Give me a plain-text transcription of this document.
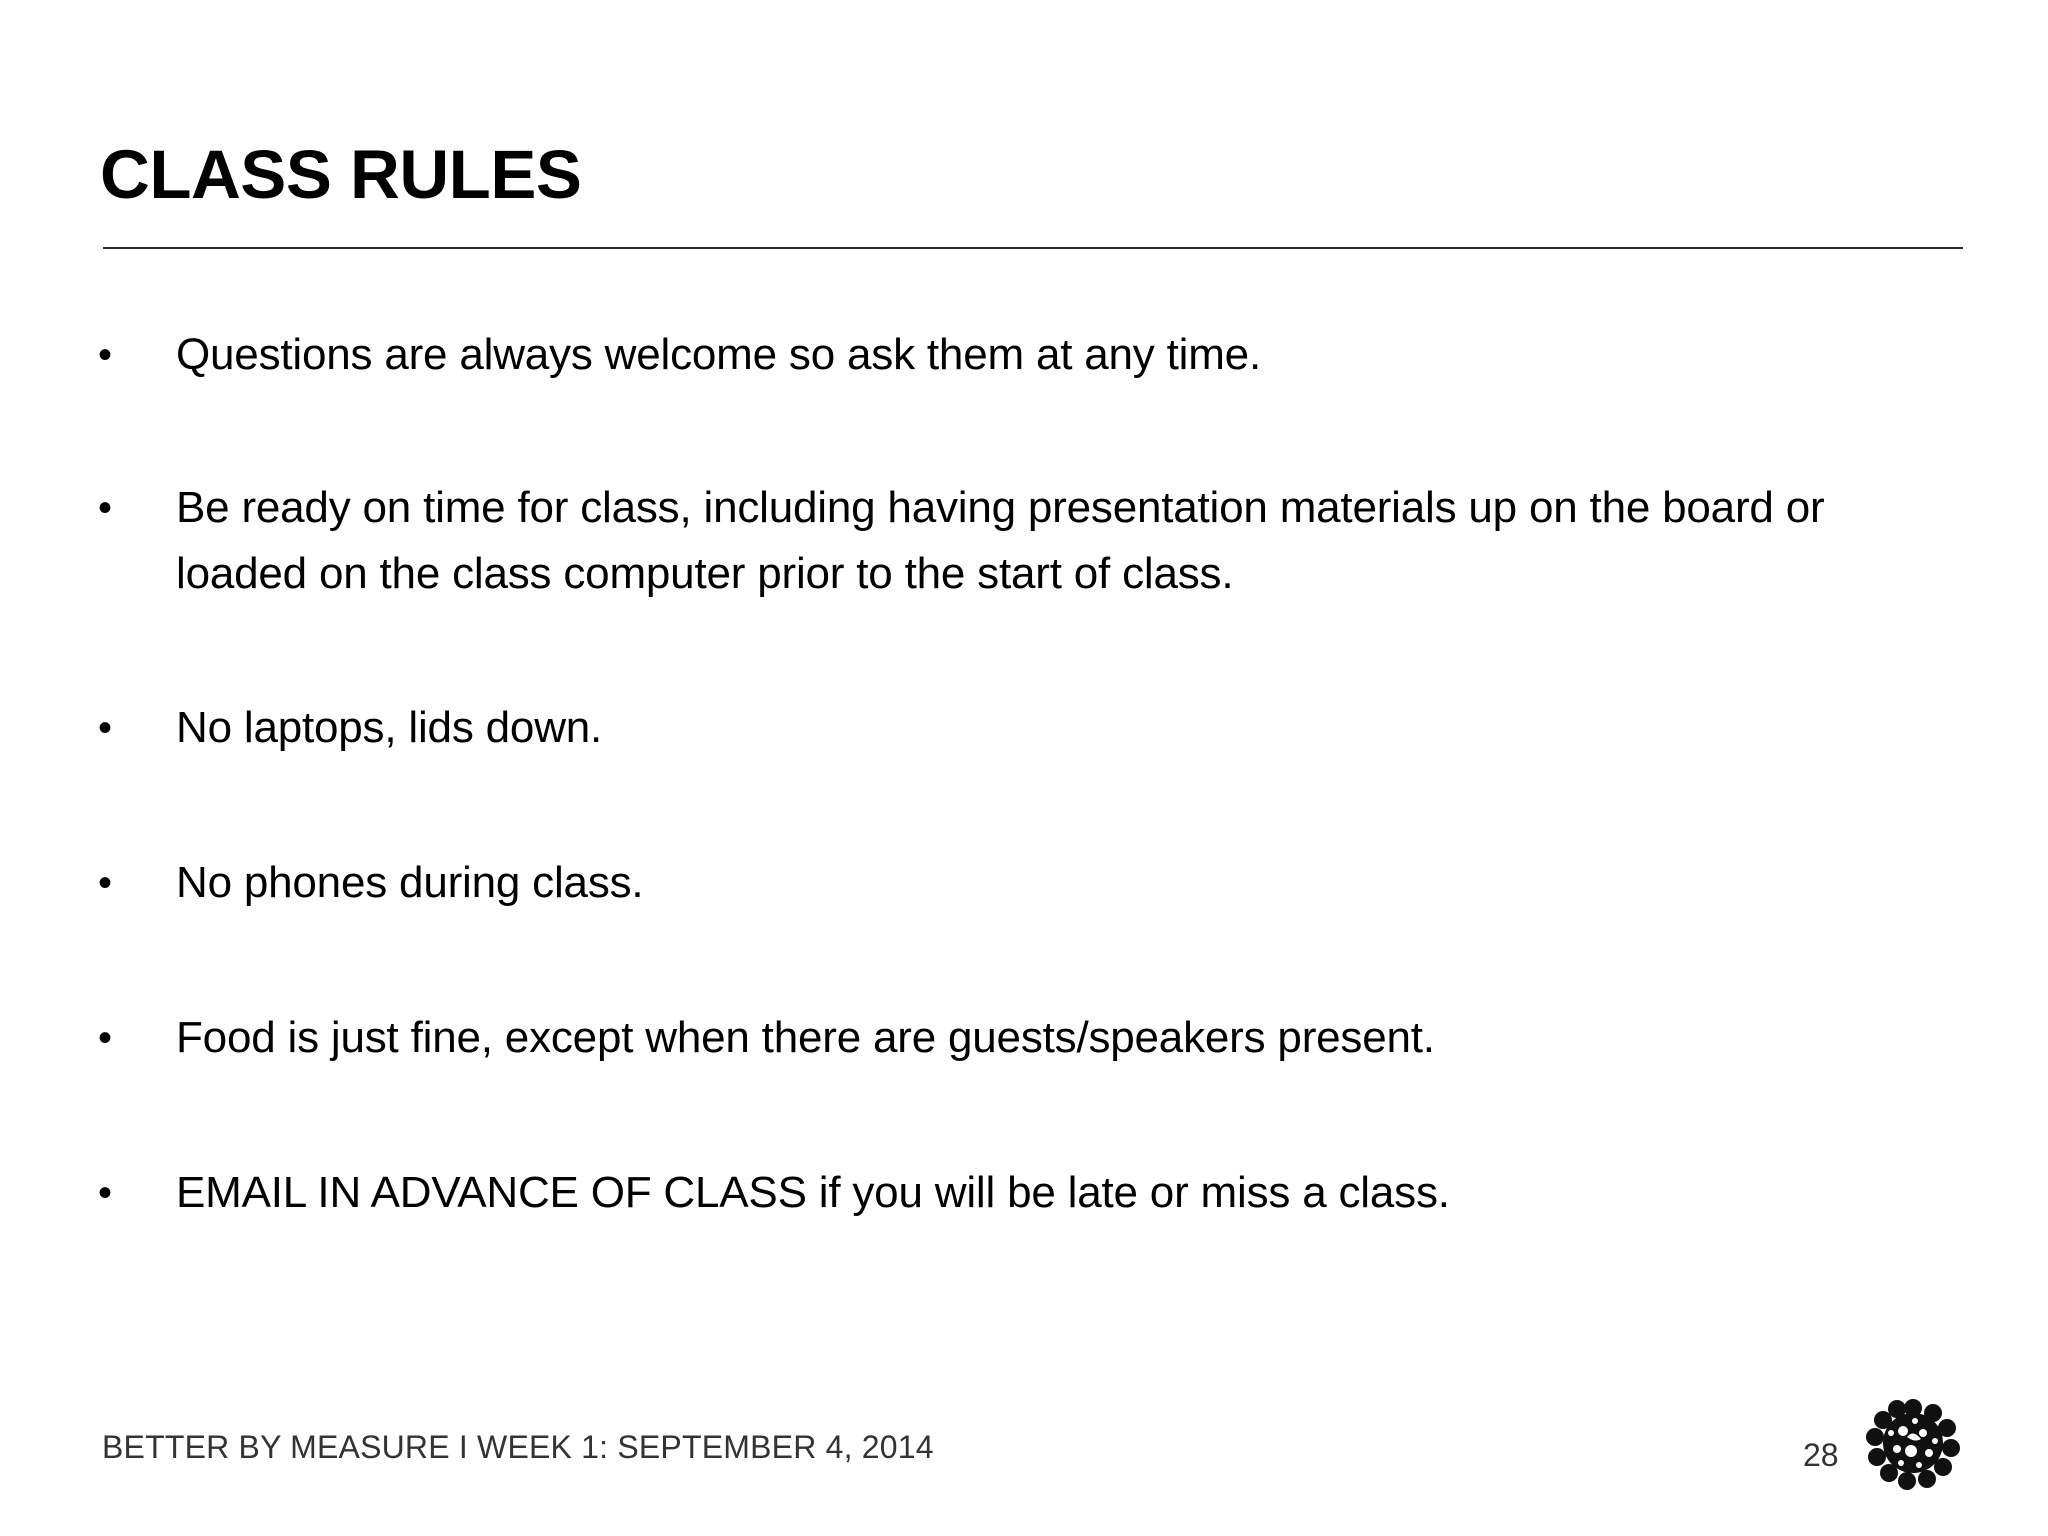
CLASS RULES
• Questions are always welcome so ask them at any time.
• Be ready on time for class, including having presentation materials up on the board or loaded on the class computer prior to the start of class.
• No laptops, lids down.
• No phones during class.
• Food is just fine, except when there are guests/speakers present.
• EMAIL IN ADVANCE OF CLASS if you will be late or miss a class.
BETTER BY MEASURE I WEEK 1: SEPTEMBER 4, 2014	28
